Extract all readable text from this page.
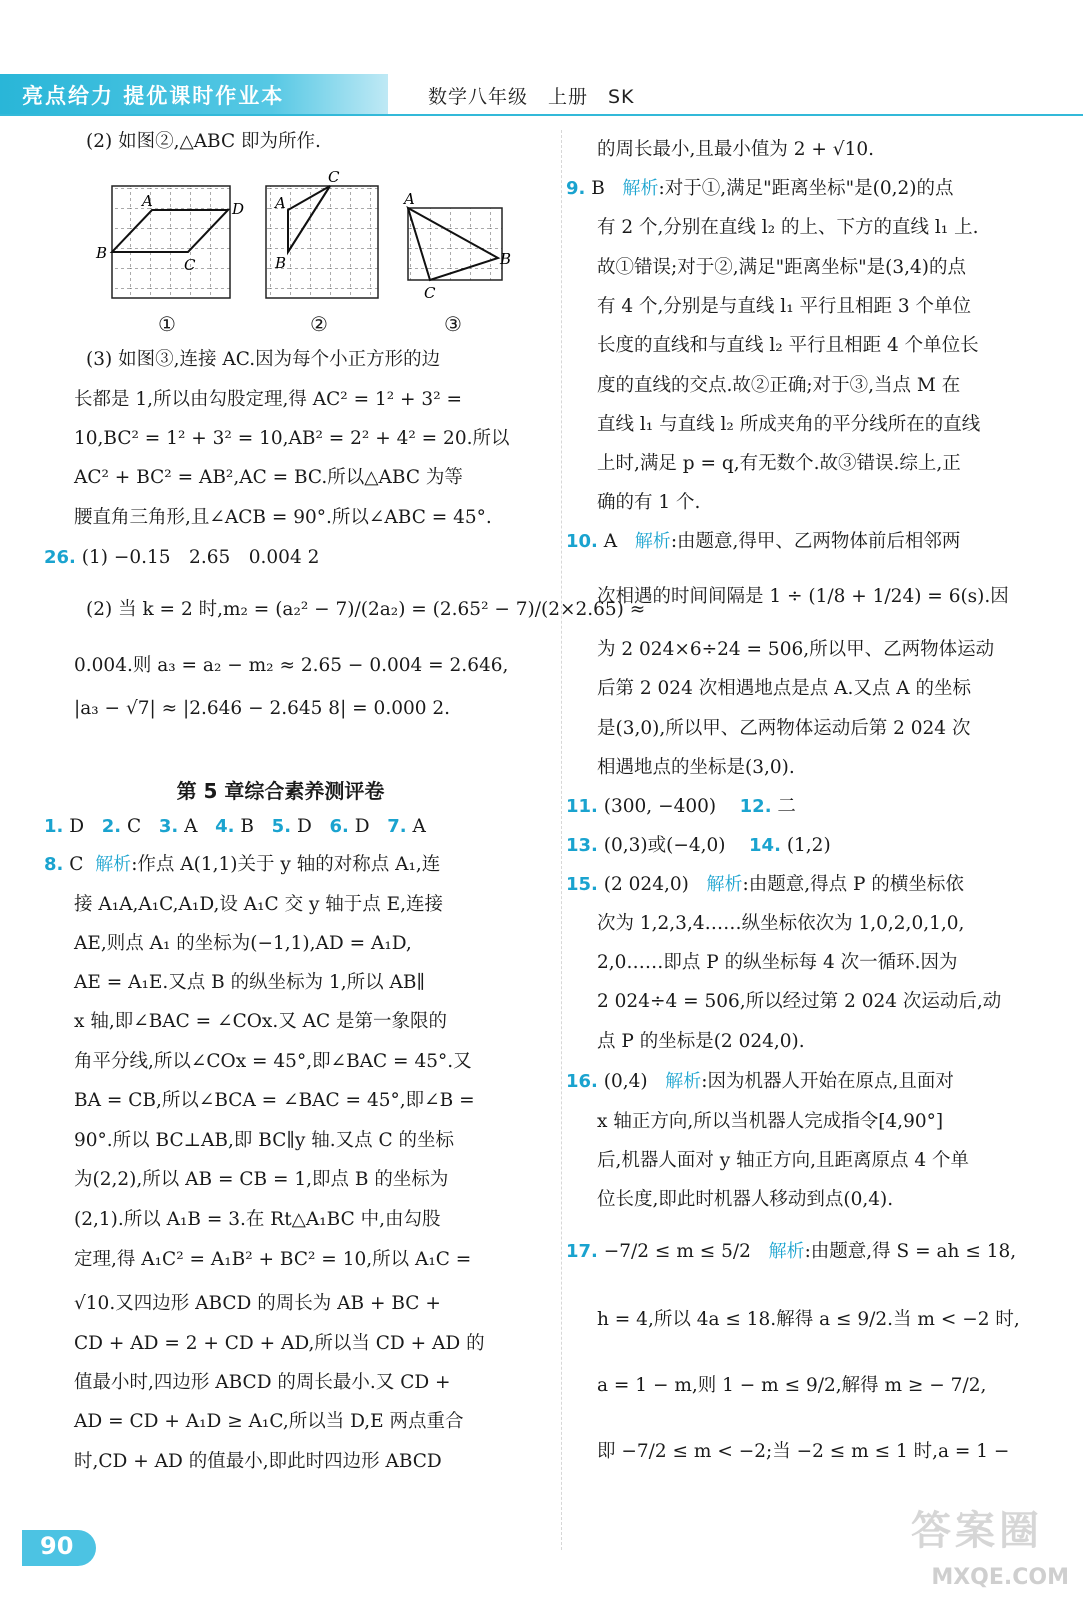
亮点给力 提优课时作业本	数学八年级　上册　SK
(2) 如图②,△ABC 即为所作.
A	D
B
C
C
A
B
A
B
C
①	②	③
(3) 如图③,连接 AC.因为每个小正方形的边
长都是 1,所以由勾股定理,得 AC² = 1² + 3² =
10,BC² = 1² + 3² = 10,AB² = 2² + 4² = 20.所以
AC² + BC² = AB²,AC = BC.所以△ABC 为等
腰直角三角形,且∠ACB = 90°.所以∠ABC = 45°.
26. (1) −0.15　2.65　0.004 2
(2) 当 k = 2 时,m₂ = (a₂² − 7)/(2a₂) = (2.65² − 7)/(2×2.65) ≈
0.004.则 a₃ = a₂ − m₂ ≈ 2.65 − 0.004 = 2.646,
|a₃ − √7| ≈ |2.646 − 2.645 8| = 0.000 2.
第 5 章综合素养测评卷
1. D 2. C 3. A 4. B 5. D 6. D 7. A
8. C 解析:作点 A(1,1)关于 y 轴的对称点 A₁,连
接 A₁A,A₁C,A₁D,设 A₁C 交 y 轴于点 E,连接
AE,则点 A₁ 的坐标为(−1,1),AD = A₁D,
AE = A₁E.又点 B 的纵坐标为 1,所以 AB∥
x 轴,即∠BAC = ∠COx.又 AC 是第一象限的
角平分线,所以∠COx = 45°,即∠BAC = 45°.又
BA = CB,所以∠BCA = ∠BAC = 45°,即∠B =
90°.所以 BC⊥AB,即 BC∥y 轴.又点 C 的坐标
为(2,2),所以 AB = CB = 1,即点 B 的坐标为
(2,1).所以 A₁B = 3.在 Rt△A₁BC 中,由勾股
定理,得 A₁C² = A₁B² + BC² = 10,所以 A₁C =
√10.又四边形 ABCD 的周长为 AB + BC +
CD + AD = 2 + CD + AD,所以当 CD + AD 的
值最小时,四边形 ABCD 的周长最小.又 CD +
AD = CD + A₁D ≥ A₁C,所以当 D,E 两点重合
时,CD + AD 的值最小,即此时四边形 ABCD
的周长最小,且最小值为 2 + √10.
9. B 解析:对于①,满足"距离坐标"是(0,2)的点
有 2 个,分别在直线 l₂ 的上、下方的直线 l₁ 上.
故①错误;对于②,满足"距离坐标"是(3,4)的点
有 4 个,分别是与直线 l₁ 平行且相距 3 个单位
长度的直线和与直线 l₂ 平行且相距 4 个单位长
度的直线的交点.故②正确;对于③,当点 M 在
直线 l₁ 与直线 l₂ 所成夹角的平分线所在的直线
上时,满足 p = q,有无数个.故③错误.综上,正
确的有 1 个.
10. A 解析:由题意,得甲、乙两物体前后相邻两
次相遇的时间间隔是 1 ÷ (1/8 + 1/24) = 6(s).因
为 2 024×6÷24 = 506,所以甲、乙两物体运动
后第 2 024 次相遇地点是点 A.又点 A 的坐标
是(3,0),所以甲、乙两物体运动后第 2 024 次
相遇地点的坐标是(3,0).
11. (300, −400) 12. 二
13. (0,3)或(−4,0) 14. (1,2)
15. (2 024,0) 解析:由题意,得点 P 的横坐标依
次为 1,2,3,4……纵坐标依次为 1,0,2,0,1,0,
2,0……即点 P 的纵坐标每 4 次一循环.因为
2 024÷4 = 506,所以经过第 2 024 次运动后,动
点 P 的坐标是(2 024,0).
16. (0,4) 解析:因为机器人开始在原点,且面对
x 轴正方向,所以当机器人完成指令[4,90°]
后,机器人面对 y 轴正方向,且距离原点 4 个单
位长度,即此时机器人移动到点(0,4).
17. −7/2 ≤ m ≤ 5/2 解析:由题意,得 S = ah ≤ 18,
h = 4,所以 4a ≤ 18.解得 a ≤ 9/2.当 m < −2 时,
a = 1 − m,则 1 − m ≤ 9/2,解得 m ≥ − 7/2,
即 −7/2 ≤ m < −2;当 −2 ≤ m ≤ 1 时,a = 1 −
90	答案圈
MXQE.COM
